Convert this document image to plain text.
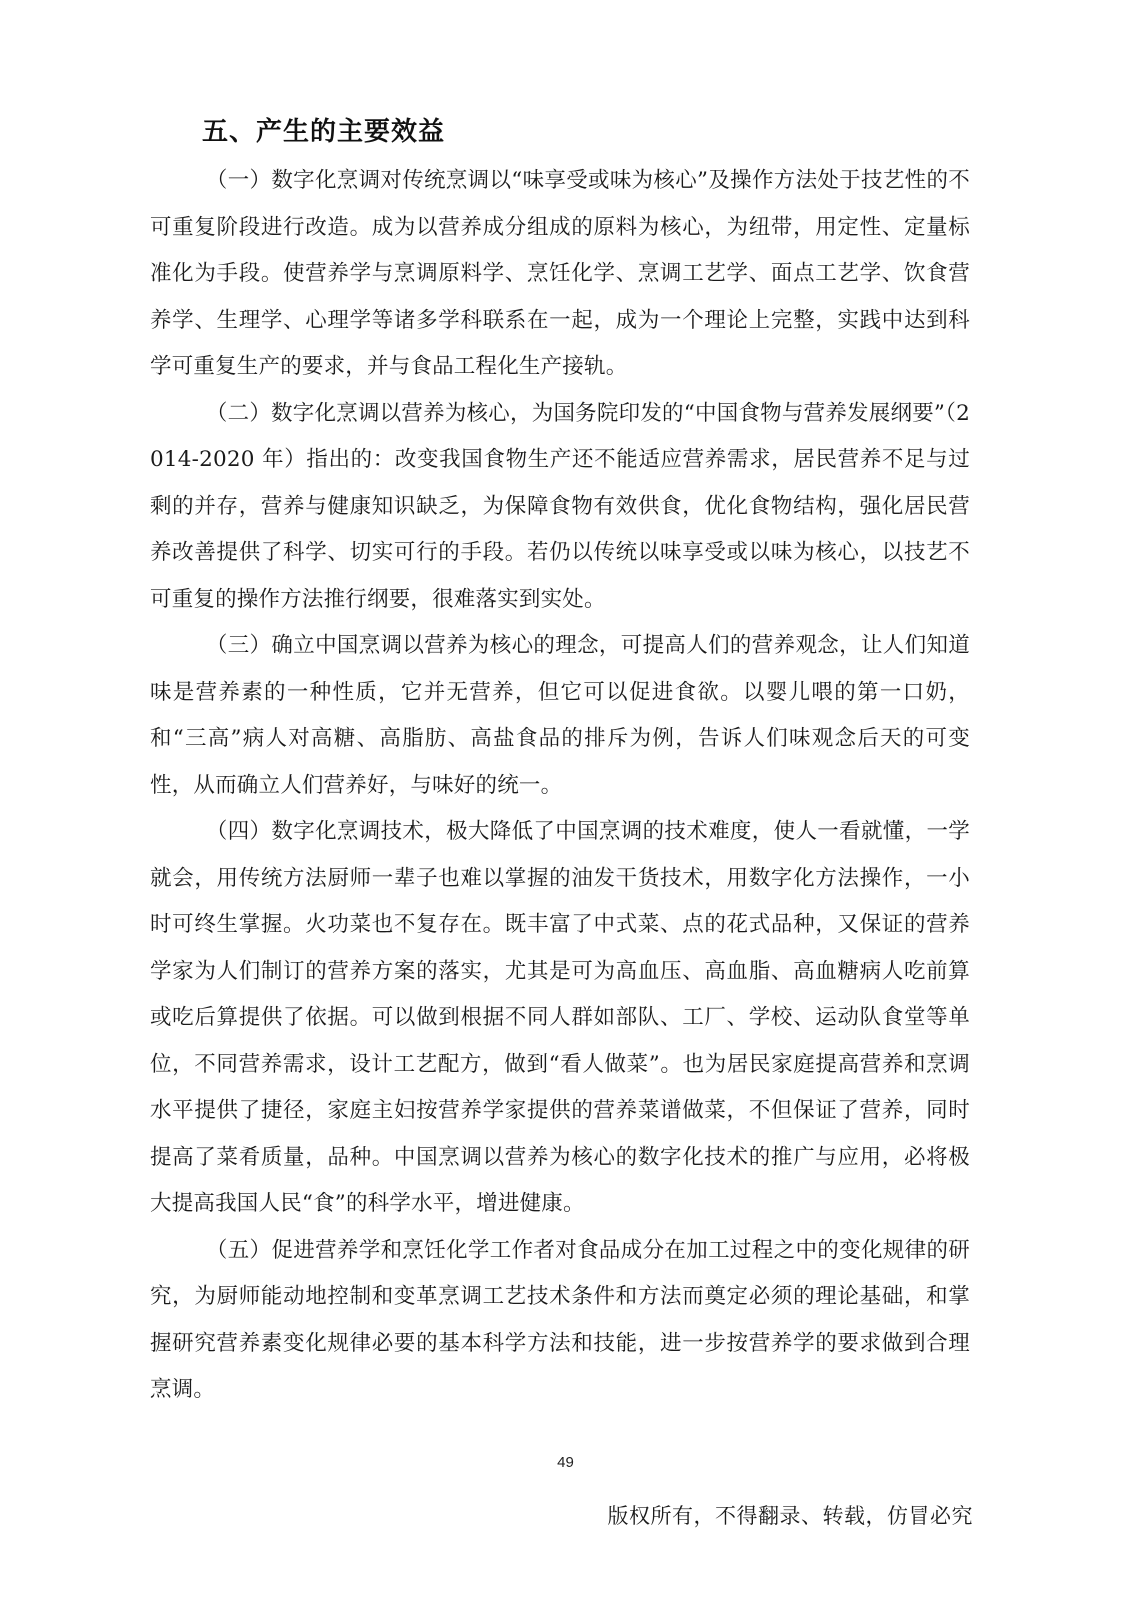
五、产生的主要效益

（一）数字化烹调对传统烹调以“味享受或味为核心”及操作方法处于技艺性的不可重复阶段进行改造。成为以营养成分组成的原料为核心，为纽带，用定性、定量标准化为手段。使营养学与烹调原料学、烹饪化学、烹调工艺学、面点工艺学、饮食营养学、生理学、心理学等诸多学科联系在一起，成为一个理论上完整，实践中达到科学可重复生产的要求，并与食品工程化生产接轨。

（二）数字化烹调以营养为核心，为国务院印发的“中国食物与营养发展纲要”（2014-2020 年）指出的：改变我国食物生产还不能适应营养需求，居民营养不足与过剩的并存，营养与健康知识缺乏，为保障食物有效供食，优化食物结构，强化居民营养改善提供了科学、切实可行的手段。若仍以传统以味享受或以味为核心，以技艺不可重复的操作方法推行纲要，很难落实到实处。

（三）确立中国烹调以营养为核心的理念，可提高人们的营养观念，让人们知道味是营养素的一种性质，它并无营养，但它可以促进食欲。以婴儿喂的第一口奶，和“三高”病人对高糖、高脂肪、高盐食品的排斥为例，告诉人们味观念后天的可变性，从而确立人们营养好，与味好的统一。

（四）数字化烹调技术，极大降低了中国烹调的技术难度，使人一看就懂，一学就会，用传统方法厨师一辈子也难以掌握的油发干货技术，用数字化方法操作，一小时可终生掌握。火功菜也不复存在。既丰富了中式菜、点的花式品种，又保证的营养学家为人们制订的营养方案的落实，尤其是可为高血压、高血脂、高血糖病人吃前算或吃后算提供了依据。可以做到根据不同人群如部队、工厂、学校、运动队食堂等单位，不同营养需求，设计工艺配方，做到“看人做菜”。也为居民家庭提高营养和烹调水平提供了捷径，家庭主妇按营养学家提供的营养菜谱做菜，不但保证了营养，同时提高了菜肴质量，品种。中国烹调以营养为核心的数字化技术的推广与应用，必将极大提高我国人民“食”的科学水平，增进健康。

（五）促进营养学和烹饪化学工作者对食品成分在加工过程之中的变化规律的研究，为厨师能动地控制和变革烹调工艺技术条件和方法而奠定必须的理论基础，和掌握研究营养素变化规律必要的基本科学方法和技能，进一步按营养学的要求做到合理烹调。

49
版权所有，不得翻录、转载，仿冒必究
